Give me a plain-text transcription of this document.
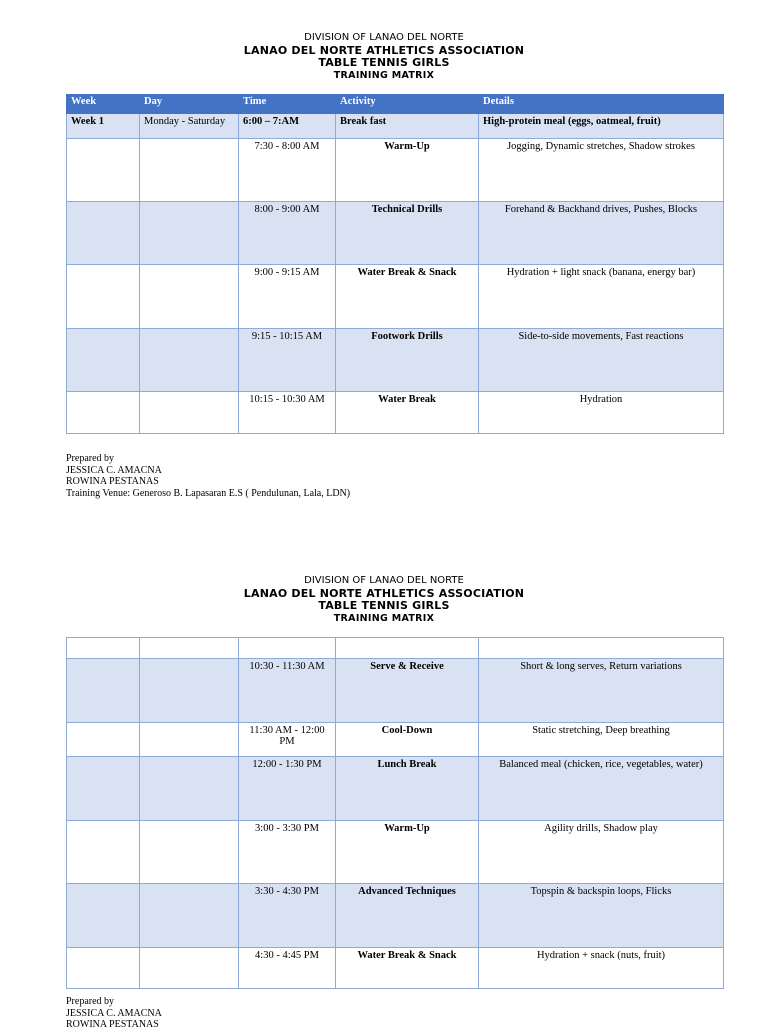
DIVISION OF LANAO DEL NORTE
LANAO DEL NORTE ATHLETICS ASSOCIATION
TABLE TENNIS GIRLS
TRAINING MATRIX
Week	Day	Time	Activity	Details
Week 1	Monday - Saturday	6:00 – 7:AM	Break fast	High-protein meal (eggs, oatmeal, fruit)
		7:30 - 8:00 AM	Warm-Up	Jogging, Dynamic stretches, Shadow strokes
		8:00 - 9:00 AM	Technical Drills	Forehand & Backhand drives, Pushes, Blocks
		9:00 - 9:15 AM	Water Break & Snack	Hydration + light snack (banana, energy bar)
		9:15 - 10:15 AM	Footwork Drills	Side-to-side movements, Fast reactions
		10:15 - 10:30 AM	Water Break	Hydration
Prepared by
JESSICA C. AMACNA
ROWINA PESTANAS
Training Venue: Generoso B. Lapasaran E.S ( Pendulunan, Lala, LDN)
DIVISION OF LANAO DEL NORTE
LANAO DEL NORTE ATHLETICS ASSOCIATION
TABLE TENNIS GIRLS
TRAINING MATRIX

		10:30 - 11:30 AM	Serve & Receive	Short & long serves, Return variations
		11:30 AM - 12:00 PM	Cool-Down	Static stretching, Deep breathing
		12:00 - 1:30 PM	Lunch Break	Balanced meal (chicken, rice, vegetables, water)
		3:00 - 3:30 PM	Warm-Up	Agility drills, Shadow play
		3:30 - 4:30 PM	Advanced Techniques	Topspin & backspin loops, Flicks
		4:30 - 4:45 PM	Water Break & Snack	Hydration + snack (nuts, fruit)
Prepared by
JESSICA C. AMACNA
ROWINA PESTANAS
